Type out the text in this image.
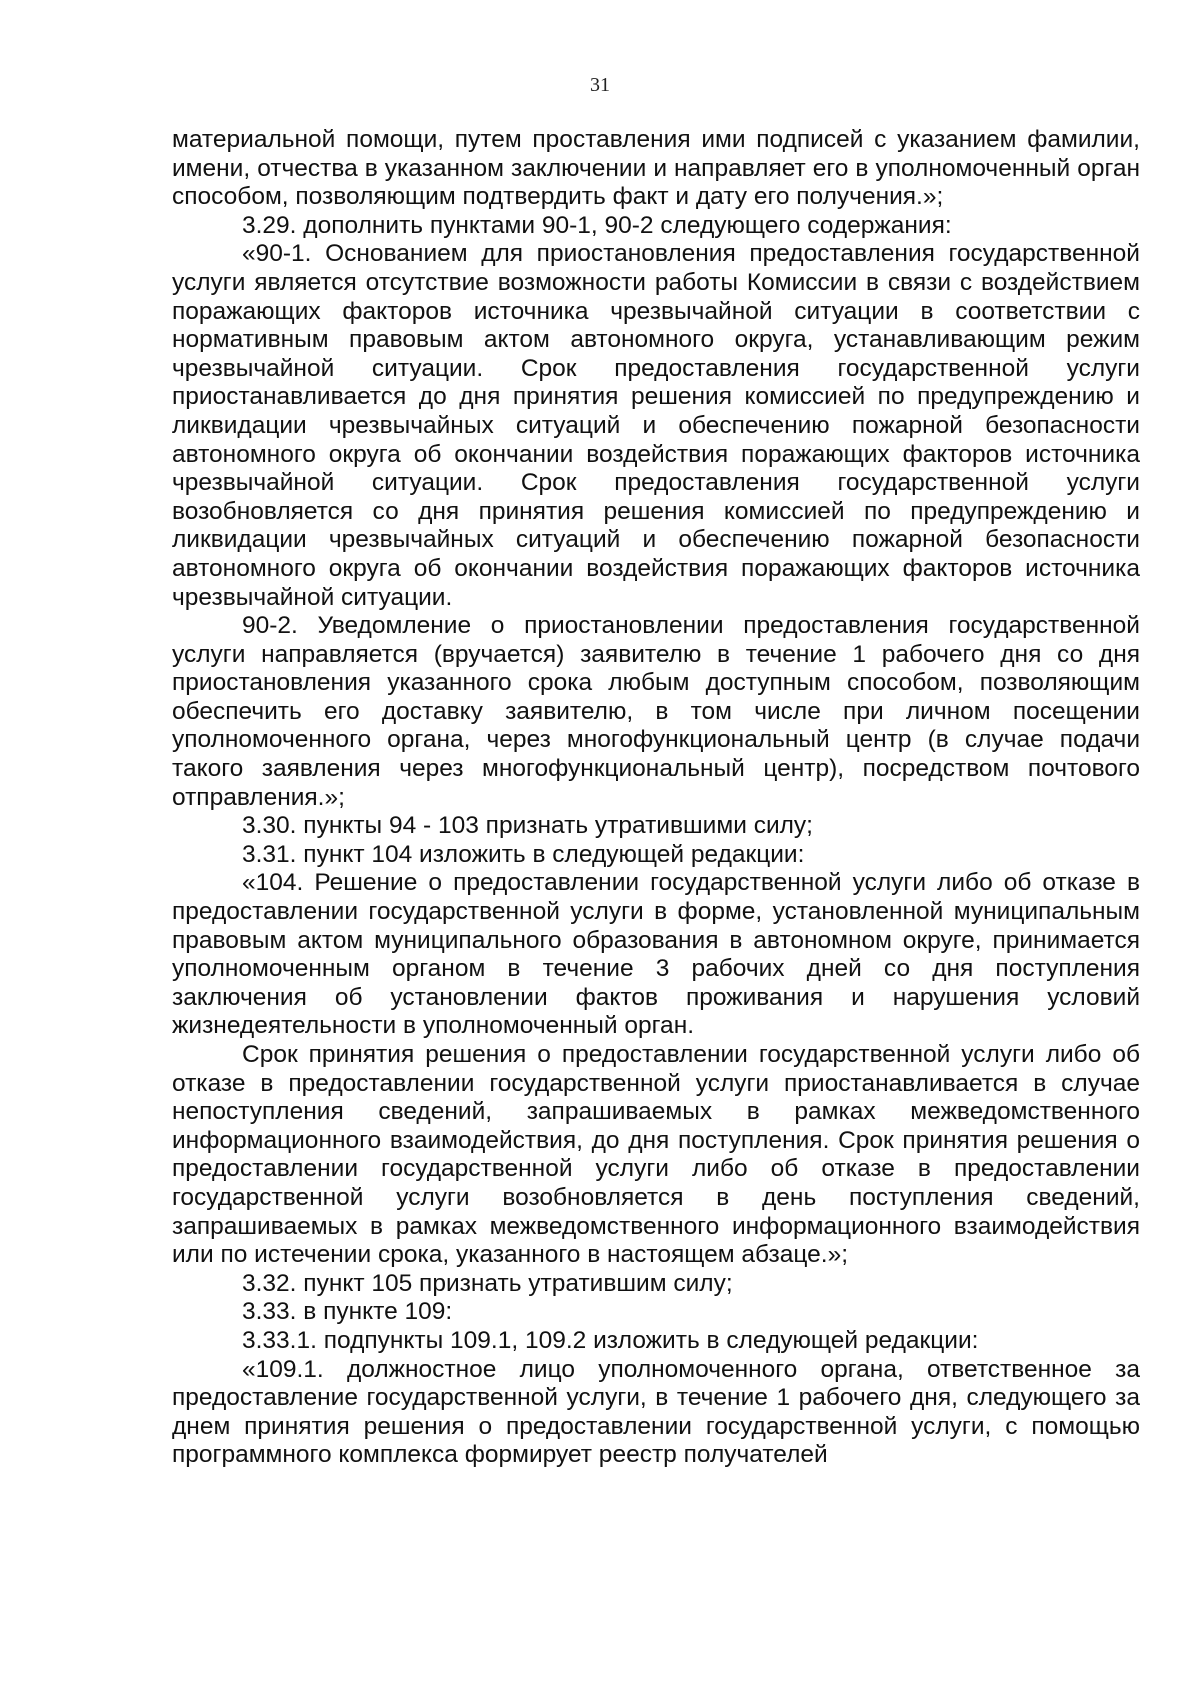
31

материальной помощи, путем проставления ими подписей с указанием фамилии, имени, отчества в указанном заключении и направляет его в уполномоченный орган способом, позволяющим подтвердить факт и дату его получения.»;

3.29. дополнить пунктами 90-1, 90-2 следующего содержания:

«90-1. Основанием для приостановления предоставления государственной услуги является отсутствие возможности работы Комиссии в связи с воздействием поражающих факторов источника чрезвычайной ситуации в соответствии с нормативным правовым актом автономного округа, устанавливающим режим чрезвычайной ситуации. Срок предоставления государственной услуги приостанавливается до дня принятия решения комиссией по предупреждению и ликвидации чрезвычайных ситуаций и обеспечению пожарной безопасности автономного округа об окончании воздействия поражающих факторов источника чрезвычайной ситуации. Срок предоставления государственной услуги возобновляется со дня принятия решения комиссией по предупреждению и ликвидации чрезвычайных ситуаций и обеспечению пожарной безопасности автономного округа об окончании воздействия поражающих факторов источника чрезвычайной ситуации.

90-2. Уведомление о приостановлении предоставления государственной услуги направляется (вручается) заявителю в течение 1 рабочего дня со дня приостановления указанного срока любым доступным способом, позволяющим обеспечить его доставку заявителю, в том числе при личном посещении уполномоченного органа, через многофункциональный центр (в случае подачи такого заявления через многофункциональный центр), посредством почтового отправления.»;

3.30. пункты 94 - 103 признать утратившими силу;

3.31. пункт 104 изложить в следующей редакции:

«104. Решение о предоставлении государственной услуги либо об отказе в предоставлении государственной услуги в форме, установленной муниципальным правовым актом муниципального образования в автономном округе, принимается уполномоченным органом в течение 3 рабочих дней со дня поступления заключения об установлении фактов проживания и нарушения условий жизнедеятельности в уполномоченный орган.

Срок принятия решения о предоставлении государственной услуги либо об отказе в предоставлении государственной услуги приостанавливается в случае непоступления сведений, запрашиваемых в рамках межведомственного информационного взаимодействия, до дня поступления. Срок принятия решения о предоставлении государственной услуги либо об отказе в предоставлении государственной услуги возобновляется в день поступления сведений, запрашиваемых в рамках межведомственного информационного взаимодействия или по истечении срока, указанного в настоящем абзаце.»;

3.32. пункт 105 признать утратившим силу;

3.33. в пункте 109:

3.33.1. подпункты 109.1, 109.2 изложить в следующей редакции:

«109.1. должностное лицо уполномоченного органа, ответственное за предоставление государственной услуги, в течение 1 рабочего дня, следующего за днем принятия решения о предоставлении государственной услуги, с помощью программного комплекса формирует реестр получателей
